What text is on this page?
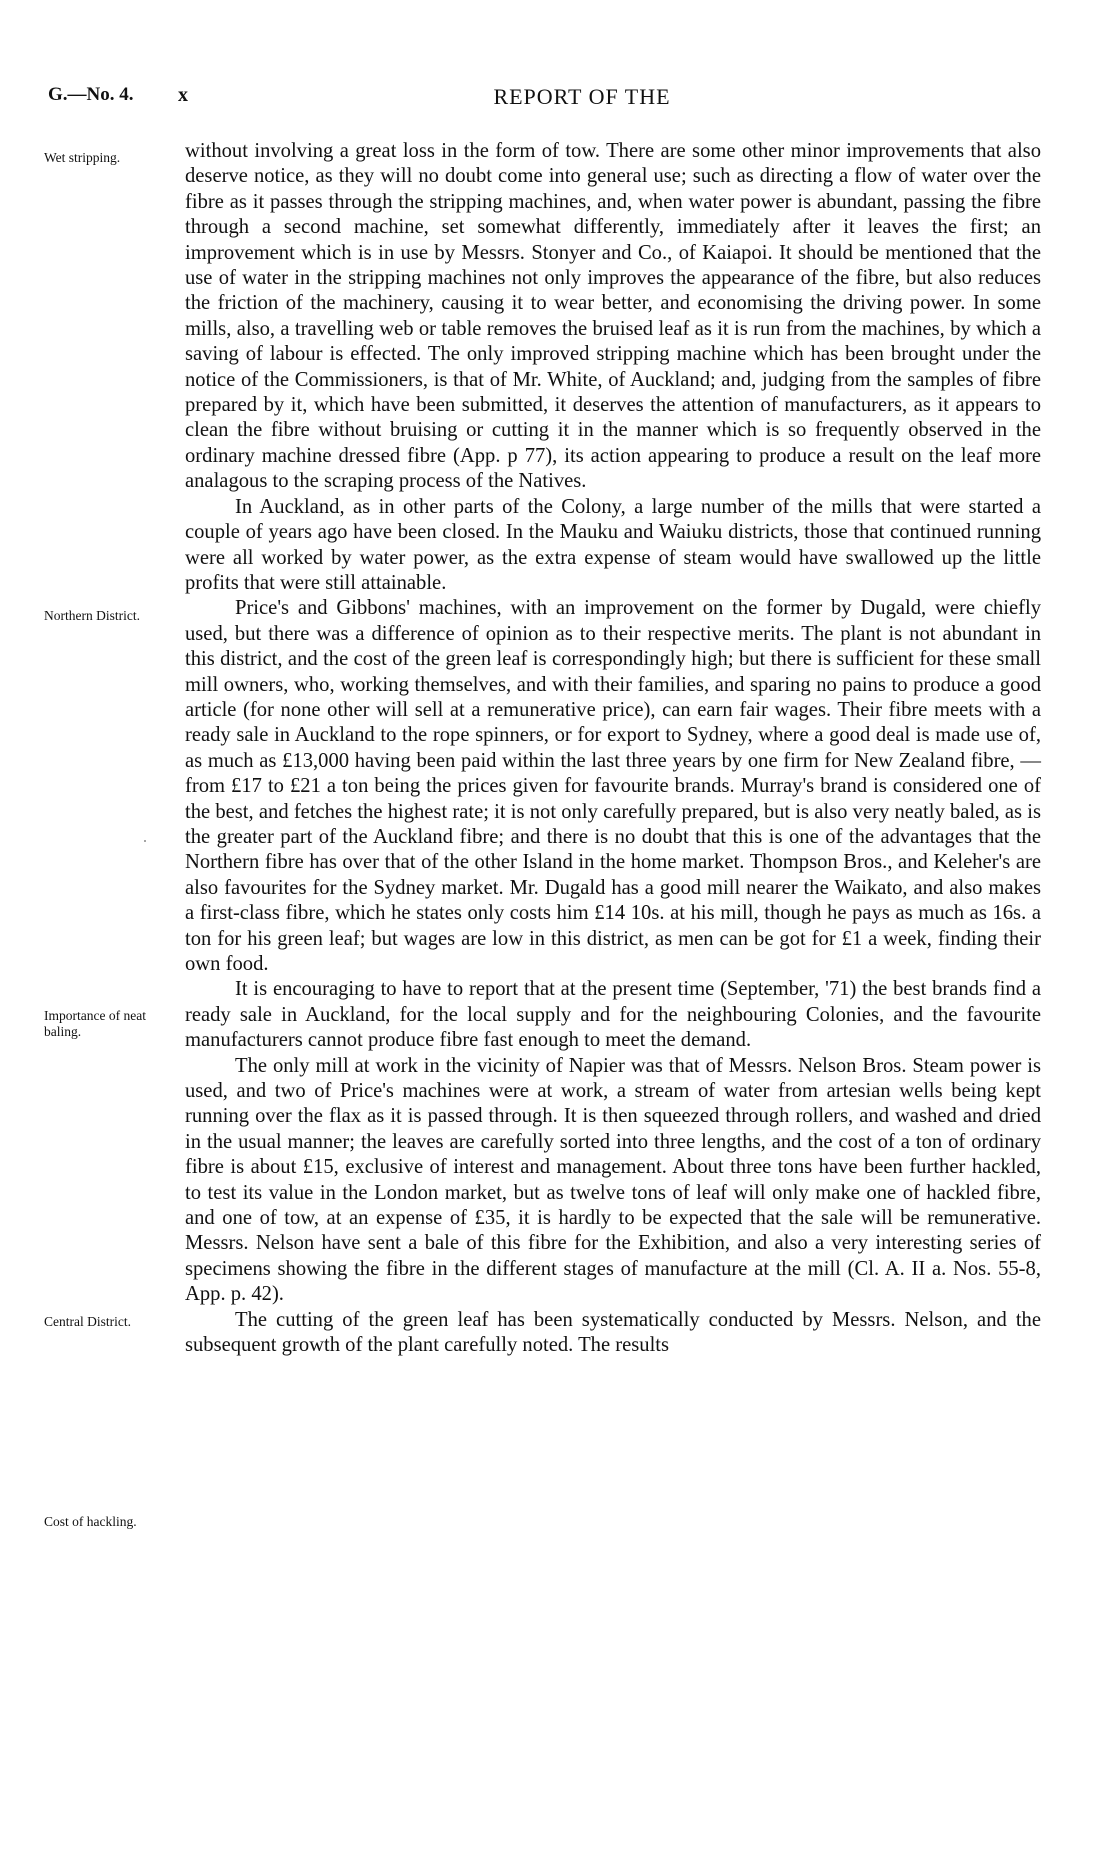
G.—No. 4. x	REPORT OF THE
Wet stripping.
Northern District.
Importance of neat baling.
Central District.
Cost of hackling.

without involving a great loss in the form of tow. There are some other minor improvements that also deserve notice, as they will no doubt come into general use; such as directing a flow of water over the fibre as it passes through the stripping machines, and, when water power is abundant, passing the fibre through a second machine, set somewhat differently, immediately after it leaves the first; an improvement which is in use by Messrs. Stonyer and Co., of Kaiapoi. It should be mentioned that the use of water in the stripping machines not only improves the appearance of the fibre, but also reduces the friction of the machinery, causing it to wear better, and economising the driving power. In some mills, also, a travelling web or table removes the bruised leaf as it is run from the machines, by which a saving of labour is effected. The only improved stripping machine which has been brought under the notice of the Commissioners, is that of Mr. White, of Auckland; and, judging from the samples of fibre prepared by it, which have been submitted, it deserves the attention of manufacturers, as it appears to clean the fibre without bruising or cutting it in the manner which is so frequently observed in the ordinary machine dressed fibre (App. p 77), its action appearing to produce a result on the leaf more analagous to the scraping process of the Natives.

In Auckland, as in other parts of the Colony, a large number of the mills that were started a couple of years ago have been closed. In the Mauku and Waiuku districts, those that continued running were all worked by water power, as the extra expense of steam would have swallowed up the little profits that were still attainable.

Price's and Gibbons' machines, with an improvement on the former by Dugald, were chiefly used, but there was a difference of opinion as to their respective merits. The plant is not abundant in this district, and the cost of the green leaf is correspondingly high; but there is sufficient for these small mill owners, who, working themselves, and with their families, and sparing no pains to produce a good article (for none other will sell at a remunerative price), can earn fair wages. Their fibre meets with a ready sale in Auckland to the rope spinners, or for export to Sydney, where a good deal is made use of, as much as £13,000 having been paid within the last three years by one firm for New Zealand fibre, —from £17 to £21 a ton being the prices given for favourite brands. Murray's brand is considered one of the best, and fetches the highest rate; it is not only carefully prepared, but is also very neatly baled, as is the greater part of the Auckland fibre; and there is no doubt that this is one of the advantages that the Northern fibre has over that of the other Island in the home market. Thompson Bros., and Keleher's are also favourites for the Sydney market. Mr. Dugald has a good mill nearer the Waikato, and also makes a first-class fibre, which he states only costs him £14 10s. at his mill, though he pays as much as 16s. a ton for his green leaf; but wages are low in this district, as men can be got for £1 a week, finding their own food.

It is encouraging to have to report that at the present time (September, '71) the best brands find a ready sale in Auckland, for the local supply and for the neighbouring Colonies, and the favourite manufacturers cannot produce fibre fast enough to meet the demand.

The only mill at work in the vicinity of Napier was that of Messrs. Nelson Bros. Steam power is used, and two of Price's machines were at work, a stream of water from artesian wells being kept running over the flax as it is passed through. It is then squeezed through rollers, and washed and dried in the usual manner; the leaves are carefully sorted into three lengths, and the cost of a ton of ordinary fibre is about £15, exclusive of interest and management. About three tons have been further hackled, to test its value in the London market, but as twelve tons of leaf will only make one of hackled fibre, and one of tow, at an expense of £35, it is hardly to be expected that the sale will be remunerative. Messrs. Nelson have sent a bale of this fibre for the Exhibition, and also a very interesting series of specimens showing the fibre in the different stages of manufacture at the mill (Cl. A. II a. Nos. 55-8, App. p. 42).

The cutting of the green leaf has been systematically conducted by Messrs. Nelson, and the subsequent growth of the plant carefully noted. The results
